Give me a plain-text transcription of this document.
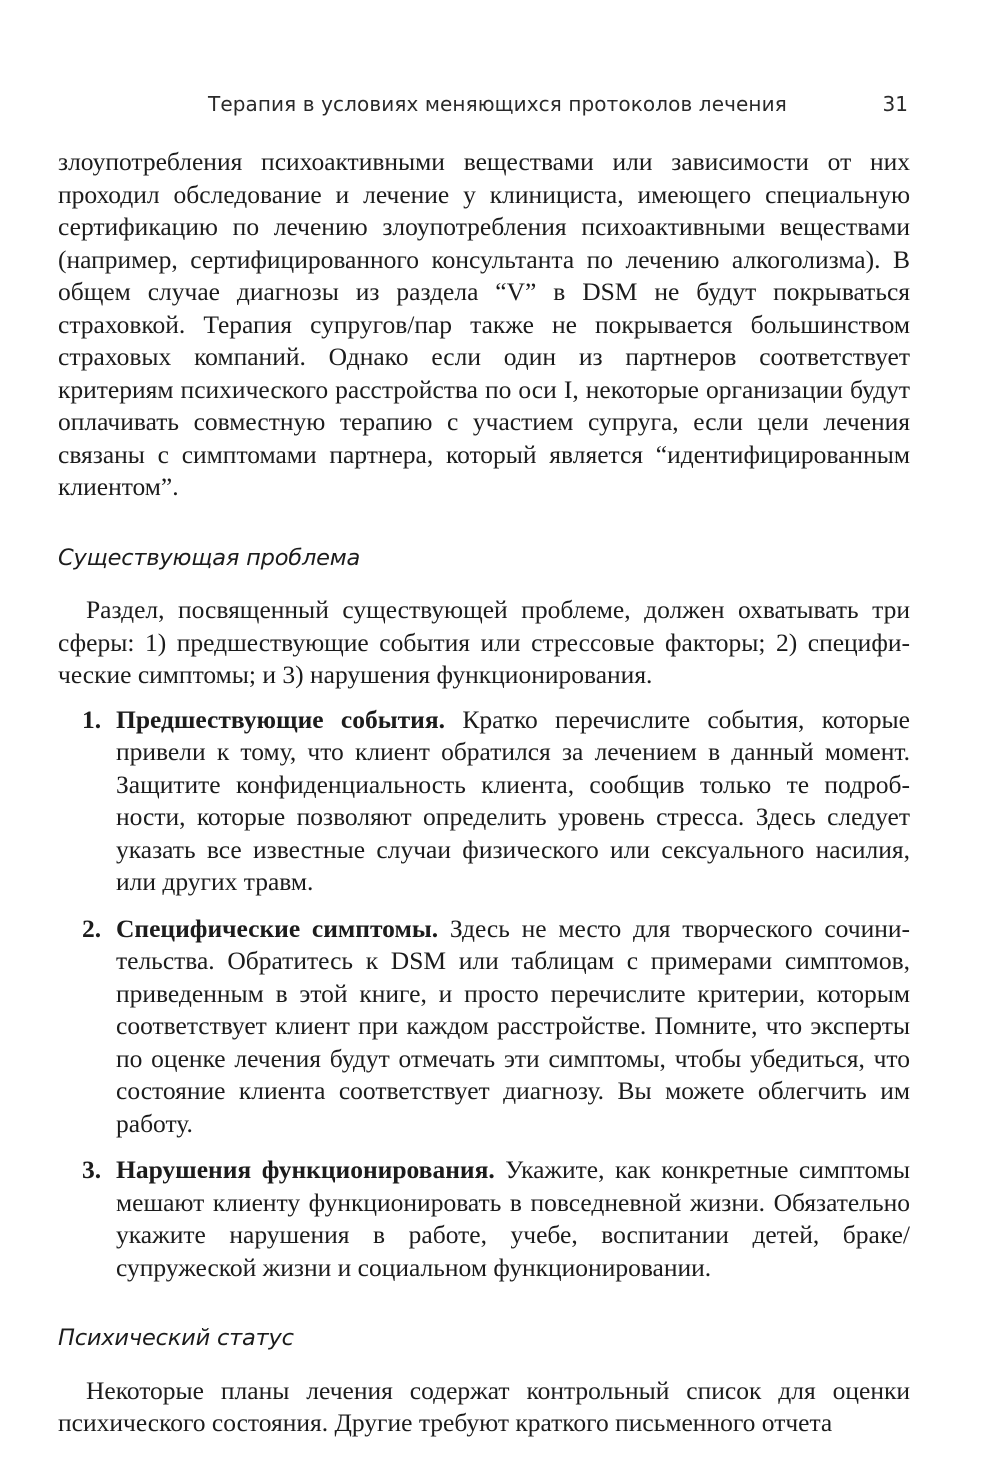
Терапия в условиях меняющихся протоколов лечения	31

злоупотребления психоактивными веществами или зависимости от них проходил обследование и лечение у клинициста, имеющего специальную сертификацию по лечению злоупотребления психоактивными веществами (например, сертифицированного консультанта по лечению алкоголизма). В общем случае диагнозы из раздела “V” в DSM не будут покрываться страховкой. Терапия супругов/пар также не покрывается большинством страховых компаний. Однако если один из партнеров соответствует критериям психического расстройства по оси I, некоторые организации будут оплачивать совместную терапию с участием супруга, если цели лечения связаны с симптомами партнера, который является “идентифицированным клиентом”.

Существующая проблема

Раздел, посвященный существующей проблеме, должен охватывать три сферы: 1) предшествующие события или стрессовые факторы; 2) специфические симптомы; и 3) нарушения функционирования.

1. Предшествующие события. Кратко перечислите события, которые привели к тому, что клиент обратился за лечением в данный момент. Защитите конфиденциальность клиента, сообщив только те подробности, которые позволяют определить уровень стресса. Здесь следует указать все известные случаи физического или сексуального насилия, или других травм.
2. Специфические симптомы. Здесь не место для творческого сочинительства. Обратитесь к DSM или таблицам с примерами симптомов, приведенным в этой книге, и просто перечислите критерии, которым соответствует клиент при каждом расстройстве. Помните, что эксперты по оценке лечения будут отмечать эти симптомы, чтобы убедиться, что состояние клиента соответствует диагнозу. Вы можете облегчить им работу.
3. Нарушения функционирования. Укажите, как конкретные симптомы мешают клиенту функционировать в повседневной жизни. Обязательно укажите нарушения в работе, учебе, воспитании детей, браке/супружеской жизни и социальном функционировании.
Психический статус

Некоторые планы лечения содержат контрольный список для оценки психического состояния. Другие требуют краткого письменного отчета
